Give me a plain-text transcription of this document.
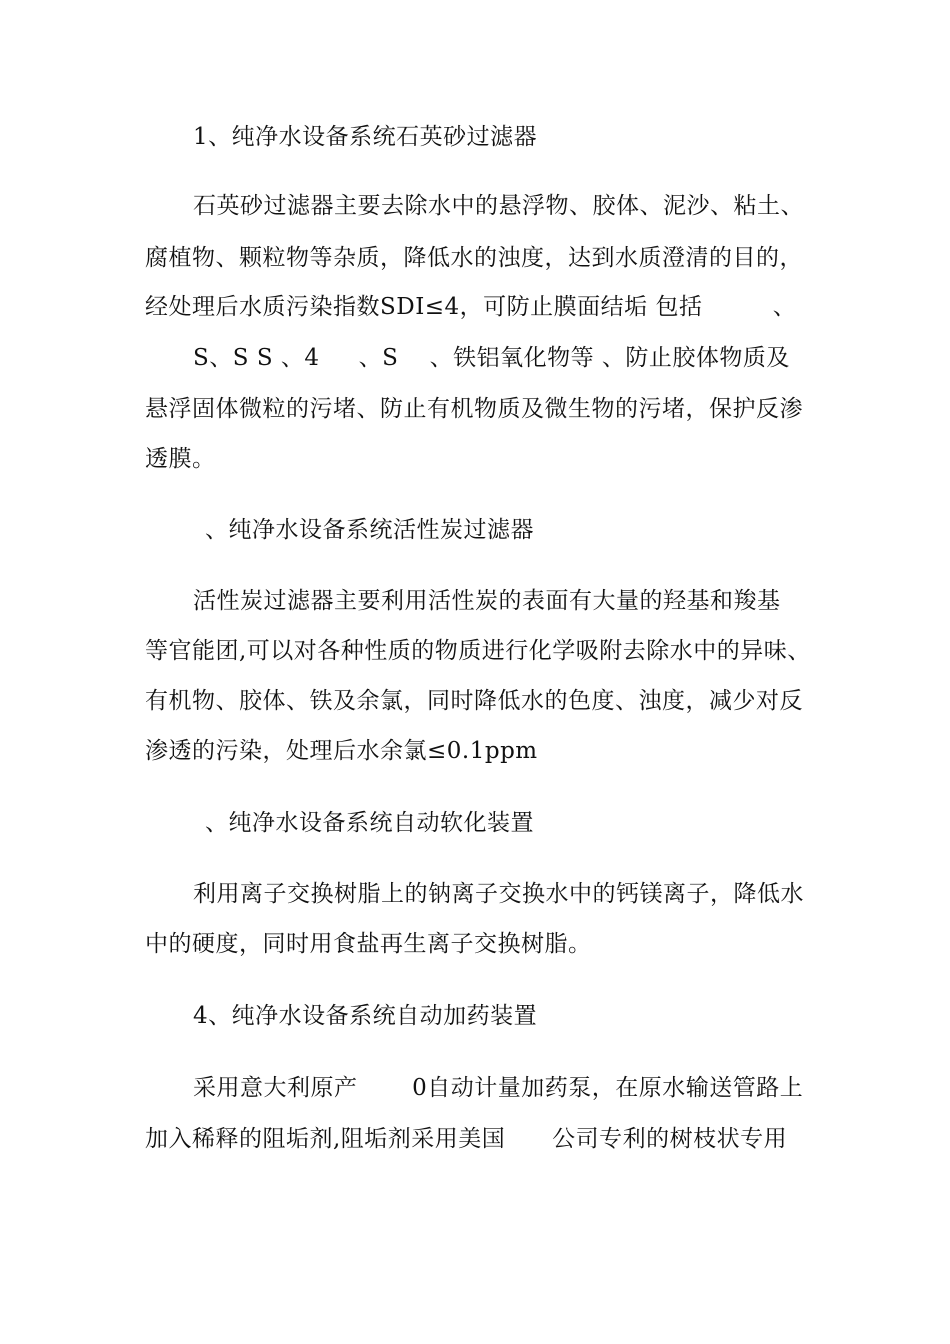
1、纯净水设备系统石英砂过滤器
石英砂过滤器主要去除水中的悬浮物、胶体、泥沙、粘土、
腐植物、颗粒物等杂质，降低水的浊度，达到水质澄清的目的，
经处理后水质污染指数SDI≤4，可防止膜面结垢 包括         、
S、S S 、4     、S    、铁铝氧化物等 、防止胶体物质及
悬浮固体微粒的污堵、防止有机物质及微生物的污堵，保护反渗
透膜。
、纯净水设备系统活性炭过滤器
活性炭过滤器主要利用活性炭的表面有大量的羟基和羧基
等官能团,可以对各种性质的物质进行化学吸附去除水中的异味、
有机物、胶体、铁及余氯，同时降低水的色度、浊度，减少对反
渗透的污染，处理后水余氯≤0.1ppm
、纯净水设备系统自动软化装置
利用离子交换树脂上的钠离子交换水中的钙镁离子，降低水
中的硬度，同时用食盐再生离子交换树脂。
4、纯净水设备系统自动加药装置
采用意大利原产       0自动计量加药泵，在原水输送管路上
加入稀释的阻垢剂,阻垢剂采用美国      公司专利的树枝状专用
